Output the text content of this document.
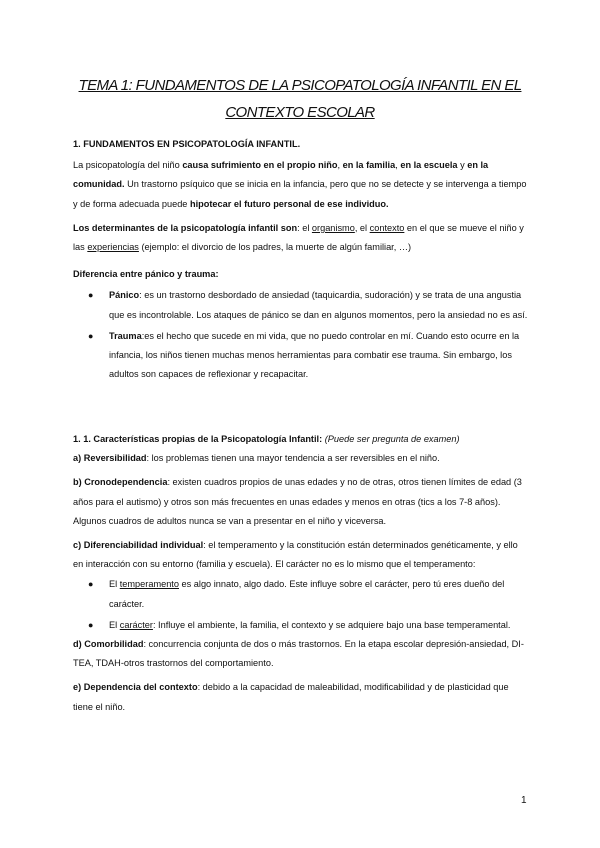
TEMA 1: FUNDAMENTOS DE LA PSICOPATOLOGÍA INFANTIL EN EL
CONTEXTO ESCOLAR

1. FUNDAMENTOS EN PSICOPATOLOGÍA INFANTIL.

La psicopatología del niño causa sufrimiento en el propio niño, en la familia, en la escuela y en la comunidad. Un trastorno psíquico que se inicia en la infancia, pero que no se detecte y se intervenga a tiempo y de forma adecuada puede hipotecar el futuro personal de ese individuo.

Los determinantes de la psicopatología infantil son: el organismo, el contexto en el que se mueve el niño y las experiencias (ejemplo: el divorcio de los padres, la muerte de algún familiar, …)

Diferencia entre pánico y trauma:

● Pánico: es un trastorno desbordado de ansiedad (taquicardia, sudoración) y se trata de una angustia que es incontrolable. Los ataques de pánico se dan en algunos momentos, pero la ansiedad no es así.
● Trauma:es el hecho que sucede en mi vida, que no puedo controlar en mí. Cuando esto ocurre en la infancia, los niños tienen muchas menos herramientas para combatir ese trauma. Sin embargo, los adultos son capaces de reflexionar y recapacitar.

1. 1. Características propias de la Psicopatología Infantil: (Puede ser pregunta de examen)

a) Reversibilidad: los problemas tienen una mayor tendencia a ser reversibles en el niño.

b) Cronodependencia: existen cuadros propios de unas edades y no de otras, otros tienen límites de edad (3 años para el autismo) y otros son más frecuentes en unas edades y menos en otras (tics a los 7-8 años). Algunos cuadros de adultos nunca se van a presentar en el niño y viceversa.

c) Diferenciabilidad individual: el temperamento y la constitución están determinados genéticamente, y ello en interacción con su entorno (familia y escuela). El carácter no es lo mismo que el temperamento:

● El temperamento es algo innato, algo dado. Este influye sobre el carácter, pero tú eres dueño del carácter.
● El carácter: Influye el ambiente, la familia, el contexto y se adquiere bajo una base temperamental.

d) Comorbilidad: concurrencia conjunta de dos o más trastornos. En la etapa escolar depresión-ansiedad, DI-TEA, TDAH-otros trastornos del comportamiento.

e) Dependencia del contexto: debido a la capacidad de maleabilidad, modificabilidad y de plasticidad que tiene el niño.

1
